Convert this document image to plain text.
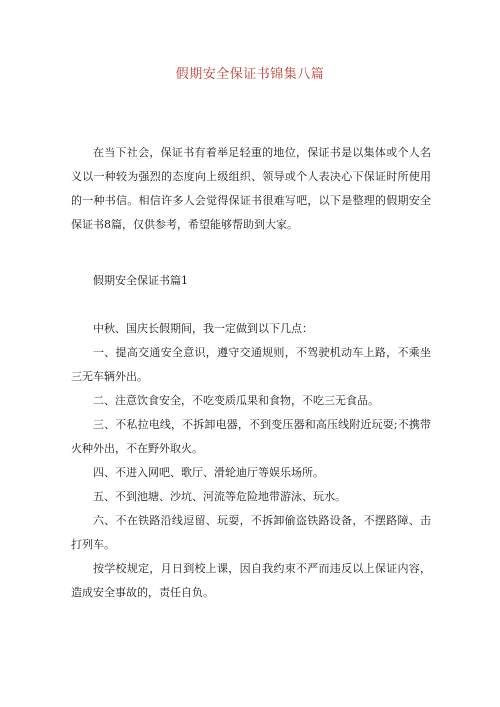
假期安全保证书锦集八篇

在当下社会，保证书有着举足轻重的地位，保证书是以集体或个人名义以一种较为强烈的态度向上级组织、领导或个人表决心下保证时所使用的一种书信。相信许多人会觉得保证书很难写吧，以下是整理的假期安全保证书8篇，仅供参考，希望能够帮助到大家。

假期安全保证书篇1

中秋、国庆长假期间，我一定做到以下几点：

一、提高交通安全意识，遵守交通规则，不驾驶机动车上路，不乘坐三无车辆外出。

二、注意饮食安全，不吃变质瓜果和食物，不吃三无食品。

三、不私拉电线，不拆卸电器，不到变压器和高压线附近玩耍;不携带火种外出，不在野外取火。

四、不进入网吧、歌厅、滑轮迪厅等娱乐场所。

五、不到池塘、沙坑、河流等危险地带游泳、玩水。

六、不在铁路沿线逗留、玩耍，不拆卸偷盗铁路设备，不摆路障、击打列车。

按学校规定，月日到校上课，因自我约束不严而违反以上保证内容，造成安全事故的，责任自负。
